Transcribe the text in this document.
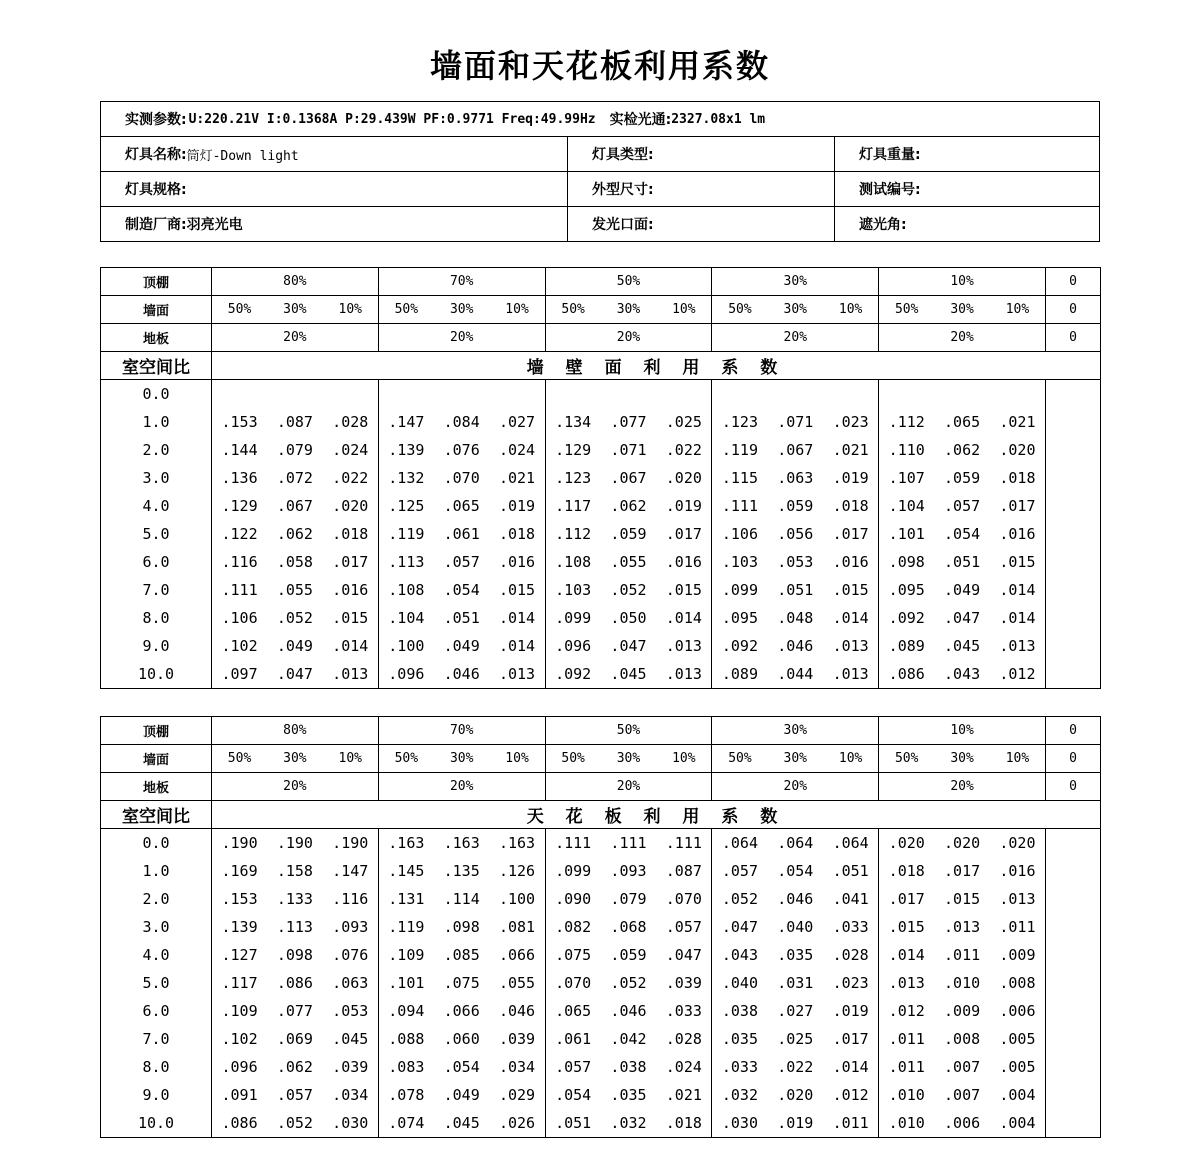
墙面和天花板利用系数
实测参数: U:220.21V I:0.1368A P:29.439W PF:0.9771 Freq:49.99Hz 实检光通: 2327.08x1 lm
灯具名称: 筒灯-Down light	灯具类型:	灯具重量:
灯具规格:	外型尺寸:	测试编号:
制造厂商: 羽亮光电	发光口面:	遮光角:
顶棚	80%			70%			50%			30%			10%			0
墙面	50%	30%	10%	50%	30%	10%	50%	30%	10%	50%	30%	10%	50%	30%	10%	0
地板	20%			20%			20%			20%			20%			0
室空间比	墙 壁 面 利 用 系 数															
0.0																
1.0	.153	.087	.028	.147	.084	.027	.134	.077	.025	.123	.071	.023	.112	.065	.021	
2.0	.144	.079	.024	.139	.076	.024	.129	.071	.022	.119	.067	.021	.110	.062	.020	
3.0	.136	.072	.022	.132	.070	.021	.123	.067	.020	.115	.063	.019	.107	.059	.018	
4.0	.129	.067	.020	.125	.065	.019	.117	.062	.019	.111	.059	.018	.104	.057	.017	
5.0	.122	.062	.018	.119	.061	.018	.112	.059	.017	.106	.056	.017	.101	.054	.016	
6.0	.116	.058	.017	.113	.057	.016	.108	.055	.016	.103	.053	.016	.098	.051	.015	
7.0	.111	.055	.016	.108	.054	.015	.103	.052	.015	.099	.051	.015	.095	.049	.014	
8.0	.106	.052	.015	.104	.051	.014	.099	.050	.014	.095	.048	.014	.092	.047	.014	
9.0	.102	.049	.014	.100	.049	.014	.096	.047	.013	.092	.046	.013	.089	.045	.013	
10.0	.097	.047	.013	.096	.046	.013	.092	.045	.013	.089	.044	.013	.086	.043	.012	
顶棚	80%			70%			50%			30%			10%			0
墙面	50%	30%	10%	50%	30%	10%	50%	30%	10%	50%	30%	10%	50%	30%	10%	0
地板	20%			20%			20%			20%			20%			0
室空间比	天 花 板 利 用 系 数															
0.0	.190	.190	.190	.163	.163	.163	.111	.111	.111	.064	.064	.064	.020	.020	.020	
1.0	.169	.158	.147	.145	.135	.126	.099	.093	.087	.057	.054	.051	.018	.017	.016	
2.0	.153	.133	.116	.131	.114	.100	.090	.079	.070	.052	.046	.041	.017	.015	.013	
3.0	.139	.113	.093	.119	.098	.081	.082	.068	.057	.047	.040	.033	.015	.013	.011	
4.0	.127	.098	.076	.109	.085	.066	.075	.059	.047	.043	.035	.028	.014	.011	.009	
5.0	.117	.086	.063	.101	.075	.055	.070	.052	.039	.040	.031	.023	.013	.010	.008	
6.0	.109	.077	.053	.094	.066	.046	.065	.046	.033	.038	.027	.019	.012	.009	.006	
7.0	.102	.069	.045	.088	.060	.039	.061	.042	.028	.035	.025	.017	.011	.008	.005	
8.0	.096	.062	.039	.083	.054	.034	.057	.038	.024	.033	.022	.014	.011	.007	.005	
9.0	.091	.057	.034	.078	.049	.029	.054	.035	.021	.032	.020	.012	.010	.007	.004	
10.0	.086	.052	.030	.074	.045	.026	.051	.032	.018	.030	.019	.011	.010	.006	.004	
